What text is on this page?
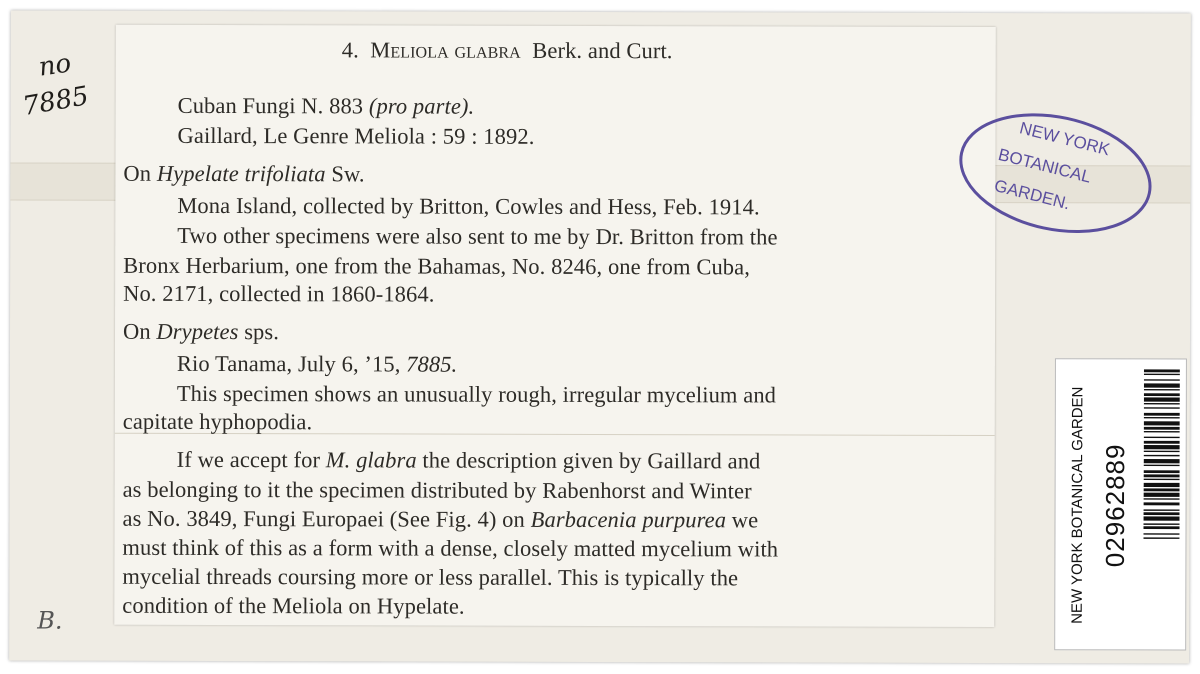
no
7885
B.
4. Meliola glabra Berk. and Curt.
Cuban Fungi N. 883 (pro parte).
Gaillard, Le Genre Meliola : 59 : 1892.
On Hypelate trifoliata Sw.
Mona Island, collected by Britton, Cowles and Hess, Feb. 1914.
Two other specimens were also sent to me by Dr. Britton from the
Bronx Herbarium, one from the Bahamas, No. 8246, one from Cuba,
No. 2171, collected in 1860-1864.
On Drypetes sps.
Rio Tanama, July 6, ’15, 7885.
This specimen shows an unusually rough, irregular mycelium and
capitate hyphopodia.
If we accept for M. glabra the description given by Gaillard and
as belonging to it the specimen distributed by Rabenhorst and Winter
as No. 3849, Fungi Europaei (See Fig. 4) on Barbacenia purpurea we
must think of this as a form with a dense, closely matted mycelium with
mycelial threads coursing more or less parallel. This is typically the
condition of the Meliola on Hypelate.
NEW YORK
BOTANICAL
GARDEN.
NEW YORK BOTANICAL GARDEN 02962889
